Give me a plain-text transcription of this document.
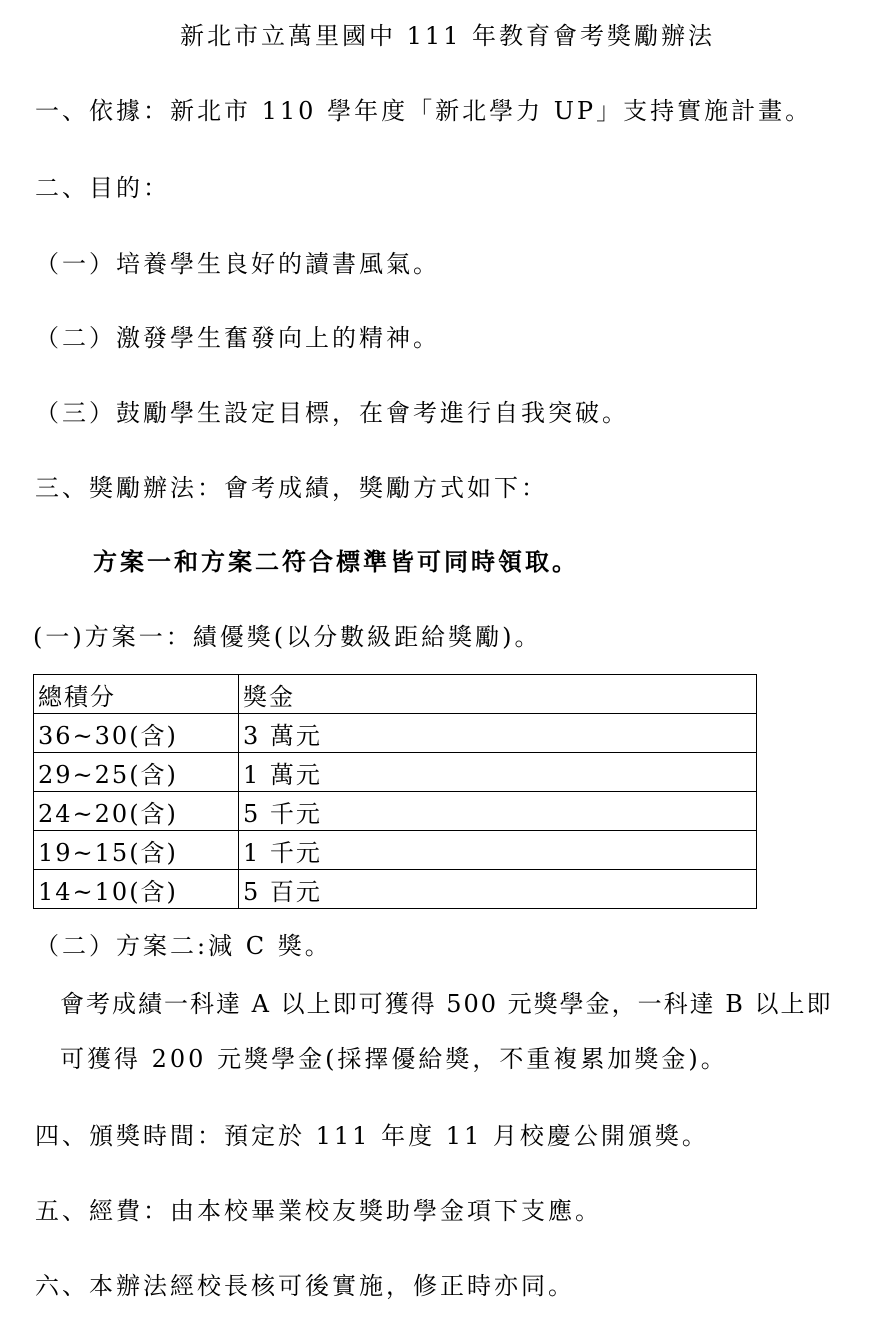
新北市立萬里國中 111 年教育會考獎勵辦法
一、依據：新北市 110 學年度「新北學力 UP」支持實施計畫。
二、目的：
（一）培養學生良好的讀書風氣。
（二）激發學生奮發向上的精神。
（三）鼓勵學生設定目標，在會考進行自我突破。
三、獎勵辦法：會考成績，獎勵方式如下：
方案一和方案二符合標準皆可同時領取。
(一)方案一：績優獎(以分數級距給獎勵)。
總積分	獎金
36~30(含)	3 萬元
29~25(含)	1 萬元
24~20(含)	5 千元
19~15(含)	1 千元
14~10(含)	5 百元
（二）方案二:減 C 獎。
會考成績一科達 A 以上即可獲得 500 元獎學金，一科達 B 以上即
可獲得 200 元獎學金(採擇優給獎，不重複累加獎金)。
四、頒獎時間：預定於 111 年度 11 月校慶公開頒獎。
五、經費：由本校畢業校友獎助學金項下支應。
六、本辦法經校長核可後實施，修正時亦同。
